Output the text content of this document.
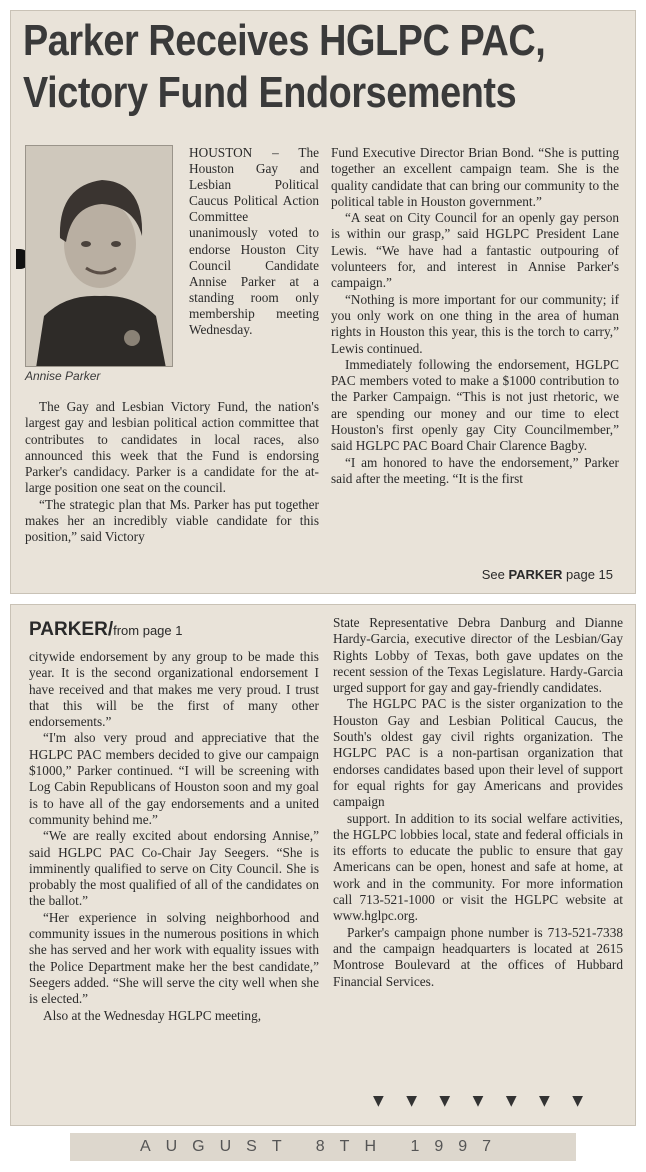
Parker Receives HGLPC PAC,
Victory Fund Endorsements
Annise Parker

HOUSTON – The Houston Gay and Lesbian Political Caucus Political Action Committee unanimously voted to endorse Houston City Council Candidate Annise Parker at a standing room only membership meeting Wednesday.

The Gay and Lesbian Victory Fund, the nation's largest gay and lesbian political action committee that contributes to candidates in local races, also announced this week that the Fund is endorsing Parker's candidacy. Parker is a candidate for the at-large position one seat on the council.

“The strategic plan that Ms. Parker has put together makes her an incredibly viable candidate for this position,” said Victory

Fund Executive Director Brian Bond. “She is putting together an excellent campaign team. She is the quality candidate that can bring our community to the political table in Houston government.”

“A seat on City Council for an openly gay person is within our grasp,” said HGLPC President Lane Lewis. “We have had a fantastic outpouring of volunteers for, and interest in Annise Parker's campaign.”

“Nothing is more important for our community; if you only work on one thing in the area of human rights in Houston this year, this is the torch to carry,” Lewis continued.

Immediately following the endorsement, HGLPC PAC members voted to make a $1000 contribution to the Parker Campaign. “This is not just rhetoric, we are spending our money and our time to elect Houston's first openly gay City Councilmember,” said HGLPC PAC Board Chair Clarence Bagby.

“I am honored to have the endorsement,” Parker said after the meeting. “It is the first

See PARKER page 15
PARKER/from page 1

citywide endorsement by any group to be made this year. It is the second organizational endorsement I have received and that makes me very proud. I trust that this will be the first of many other endorsements.”

“I'm also very proud and appreciative that the HGLPC PAC members decided to give our campaign $1000,” Parker continued. “I will be screening with Log Cabin Republicans of Houston soon and my goal is to have all of the gay endorsements and a united community behind me.”

“We are really excited about endorsing Annise,” said HGLPC PAC Co-Chair Jay Seegers. “She is imminently qualified to serve on City Council. She is probably the most qualified of all of the candidates on the ballot.”

“Her experience in solving neighborhood and community issues in the numerous positions in which she has served and her work with equality issues with the Police Department make her the best candidate,” Seegers added. “She will serve the city well when she is elected.”

Also at the Wednesday HGLPC meeting,

State Representative Debra Danburg and Dianne Hardy-Garcia, executive director of the Lesbian/Gay Rights Lobby of Texas, both gave updates on the recent session of the Texas Legislature. Hardy-Garcia urged support for gay and gay-friendly candidates.

The HGLPC PAC is the sister organization to the Houston Gay and Lesbian Political Caucus, the South's oldest gay civil rights organization. The HGLPC PAC is a non-partisan organization that endorses candidates based upon their level of support for equal rights for gay Americans and provides campaign

support. In addition to its social welfare activities, the HGLPC lobbies local, state and federal officials in its efforts to educate the public to ensure that gay Americans can be open, honest and safe at home, at work and in the community. For more information call 713-521-1000 or visit the HGLPC website at www.hglpc.org.

Parker's campaign phone number is 713-521-7338 and the campaign headquarters is located at 2615 Montrose Boulevard at the offices of Hubbard Financial Services.

▼ ▼ ▼ ▼ ▼ ▼ ▼
AUGUST 8TH 1997
